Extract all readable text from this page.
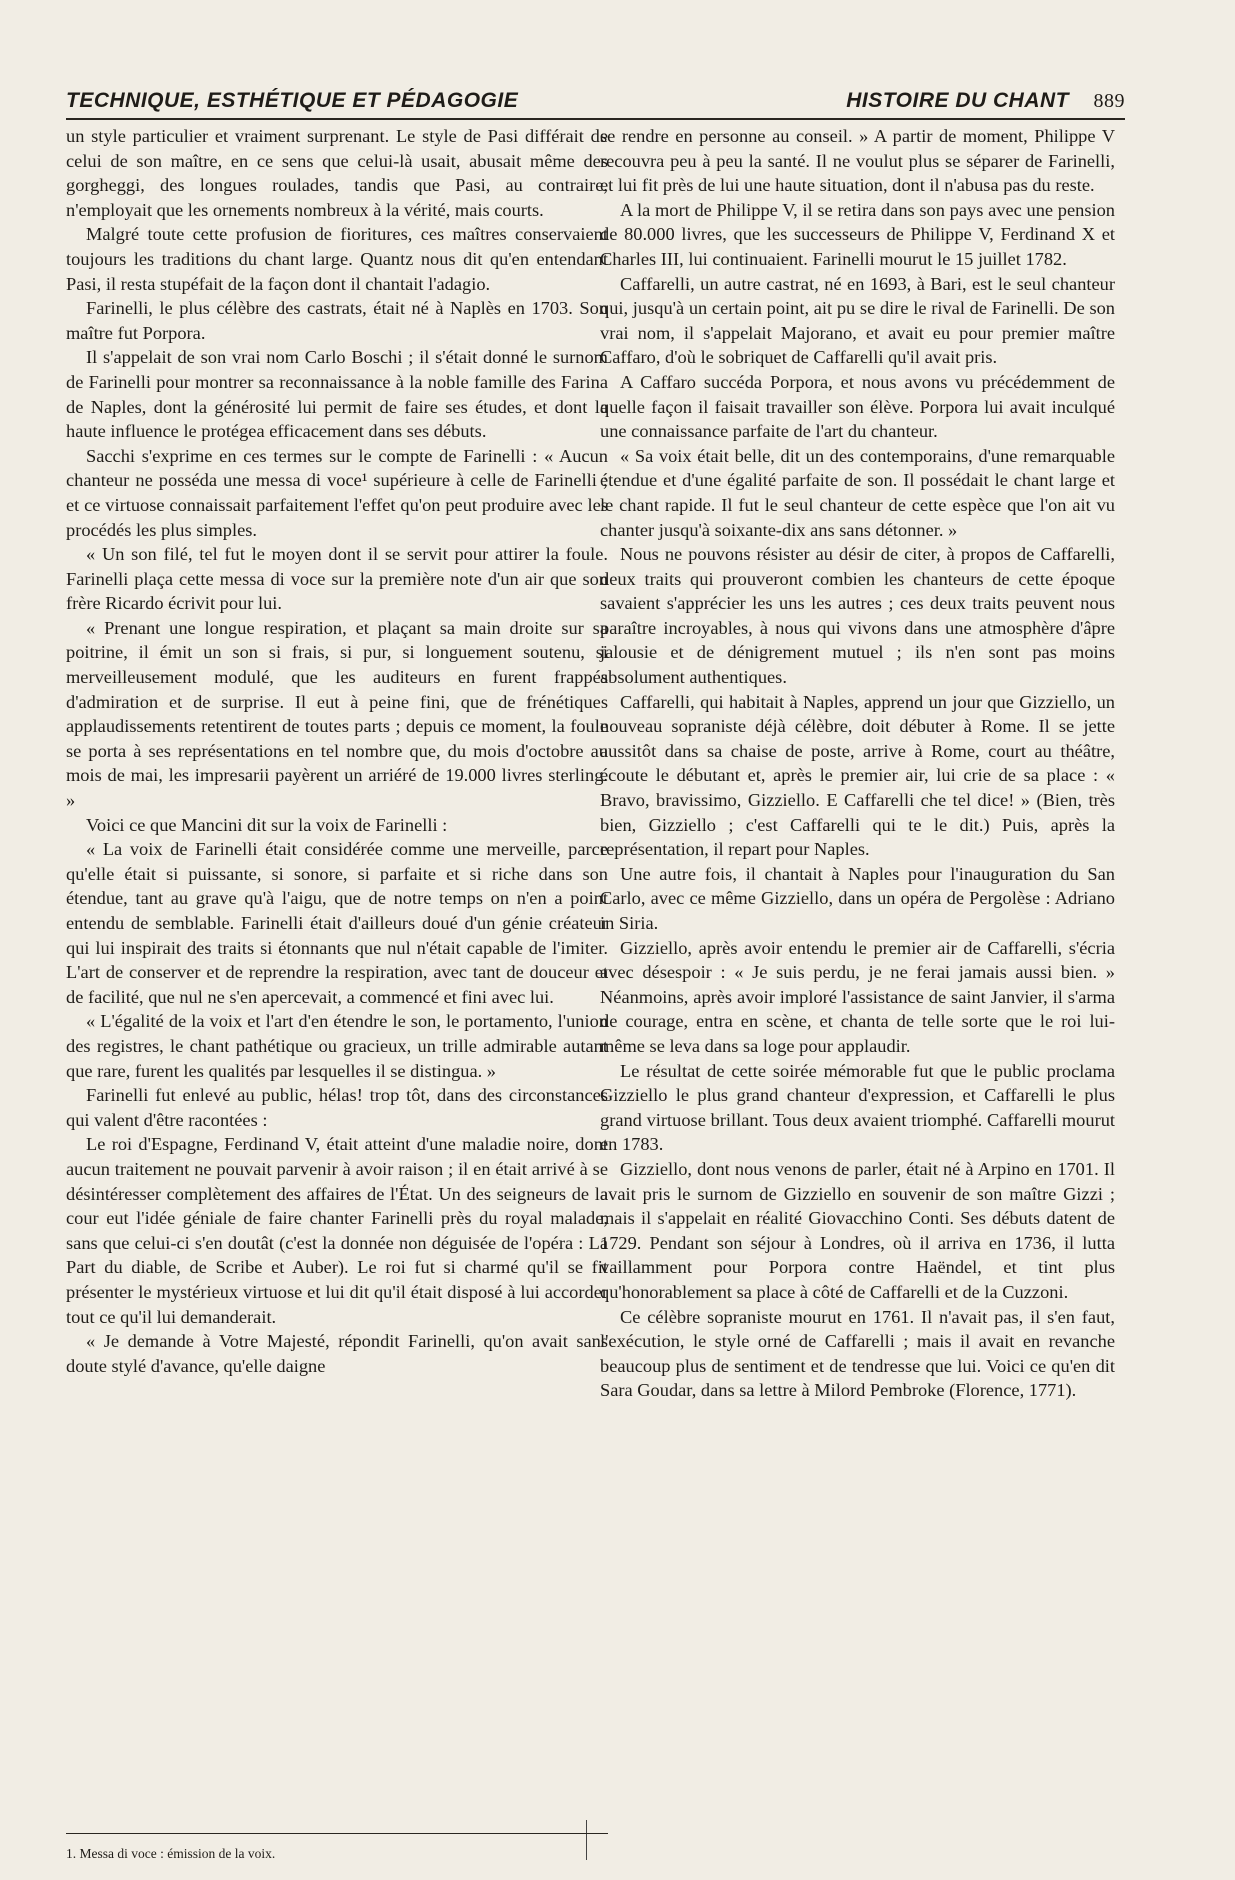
TECHNIQUE, ESTHÉTIQUE ET PÉDAGOGIE	HISTOIRE DU CHANT 889

un style particulier et vraiment surprenant. Le style de Pasi différait de celui de son maître, en ce sens que celui-là usait, abusait même des gorgheggi, des longues roulades, tandis que Pasi, au contraire, n'employait que les ornements nombreux à la vérité, mais courts.

Malgré toute cette profusion de fioritures, ces maîtres conservaient toujours les traditions du chant large. Quantz nous dit qu'en entendant Pasi, il resta stupéfait de la façon dont il chantait l'adagio.

Farinelli, le plus célèbre des castrats, était né à Naplès en 1703. Son maître fut Porpora.

Il s'appelait de son vrai nom Carlo Boschi ; il s'était donné le surnom de Farinelli pour montrer sa reconnaissance à la noble famille des Farina de Naples, dont la générosité lui permit de faire ses études, et dont la haute influence le protégea efficacement dans ses débuts.

Sacchi s'exprime en ces termes sur le compte de Farinelli : « Aucun chanteur ne posséda une messa di voce¹ supérieure à celle de Farinelli ; et ce virtuose connaissait parfaitement l'effet qu'on peut produire avec les procédés les plus simples.

« Un son filé, tel fut le moyen dont il se servit pour attirer la foule. Farinelli plaça cette messa di voce sur la première note d'un air que son frère Ricardo écrivit pour lui.

« Prenant une longue respiration, et plaçant sa main droite sur sa poitrine, il émit un son si frais, si pur, si longuement soutenu, si merveilleusement modulé, que les auditeurs en furent frappés d'admiration et de surprise. Il eut à peine fini, que de frénétiques applaudissements retentirent de toutes parts ; depuis ce moment, la foule se porta à ses représentations en tel nombre que, du mois d'octobre au mois de mai, les impresarii payèrent un arriéré de 19.000 livres sterling. »

Voici ce que Mancini dit sur la voix de Farinelli :

« La voix de Farinelli était considérée comme une merveille, parce qu'elle était si puissante, si sonore, si parfaite et si riche dans son étendue, tant au grave qu'à l'aigu, que de notre temps on n'en a point entendu de semblable. Farinelli était d'ailleurs doué d'un génie créateur qui lui inspirait des traits si étonnants que nul n'était capable de l'imiter. L'art de conserver et de reprendre la respiration, avec tant de douceur et de facilité, que nul ne s'en apercevait, a commencé et fini avec lui.

« L'égalité de la voix et l'art d'en étendre le son, le portamento, l'union des registres, le chant pathétique ou gracieux, un trille admirable autant que rare, furent les qualités par lesquelles il se distingua. »

Farinelli fut enlevé au public, hélas! trop tôt, dans des circonstances qui valent d'être racontées :

Le roi d'Espagne, Ferdinand V, était atteint d'une maladie noire, dont aucun traitement ne pouvait parvenir à avoir raison ; il en était arrivé à se désintéresser complètement des affaires de l'État. Un des seigneurs de la cour eut l'idée géniale de faire chanter Farinelli près du royal malade, sans que celui-ci s'en doutât (c'est la donnée non déguisée de l'opéra : La Part du diable, de Scribe et Auber). Le roi fut si charmé qu'il se fit présenter le mystérieux virtuose et lui dit qu'il était disposé à lui accorder tout ce qu'il lui demanderait.

« Je demande à Votre Majesté, répondit Farinelli, qu'on avait sans doute stylé d'avance, qu'elle daigne

se rendre en personne au conseil. » A partir de moment, Philippe V recouvra peu à peu la santé. Il ne voulut plus se séparer de Farinelli, et lui fit près de lui une haute situation, dont il n'abusa pas du reste.

A la mort de Philippe V, il se retira dans son pays avec une pension de 80.000 livres, que les successeurs de Philippe V, Ferdinand X et Charles III, lui continuaient. Farinelli mourut le 15 juillet 1782.

Caffarelli, un autre castrat, né en 1693, à Bari, est le seul chanteur qui, jusqu'à un certain point, ait pu se dire le rival de Farinelli. De son vrai nom, il s'appelait Majorano, et avait eu pour premier maître Caffaro, d'où le sobriquet de Caffarelli qu'il avait pris.

A Caffaro succéda Porpora, et nous avons vu précédemment de quelle façon il faisait travailler son élève. Porpora lui avait inculqué une connaissance parfaite de l'art du chanteur.

« Sa voix était belle, dit un des contemporains, d'une remarquable étendue et d'une égalité parfaite de son. Il possédait le chant large et le chant rapide. Il fut le seul chanteur de cette espèce que l'on ait vu chanter jusqu'à soixante-dix ans sans détonner. »

Nous ne pouvons résister au désir de citer, à propos de Caffarelli, deux traits qui prouveront combien les chanteurs de cette époque savaient s'apprécier les uns les autres ; ces deux traits peuvent nous paraître incroyables, à nous qui vivons dans une atmosphère d'âpre jalousie et de dénigrement mutuel ; ils n'en sont pas moins absolument authentiques.

Caffarelli, qui habitait à Naples, apprend un jour que Gizziello, un nouveau sopraniste déjà célèbre, doit débuter à Rome. Il se jette aussitôt dans sa chaise de poste, arrive à Rome, court au théâtre, écoute le débutant et, après le premier air, lui crie de sa place : « Bravo, bravissimo, Gizziello. E Caffarelli che tel dice! » (Bien, très bien, Gizziello ; c'est Caffarelli qui te le dit.) Puis, après la représentation, il repart pour Naples.

Une autre fois, il chantait à Naples pour l'inauguration du San Carlo, avec ce même Gizziello, dans un opéra de Pergolèse : Adriano in Siria.

Gizziello, après avoir entendu le premier air de Caffarelli, s'écria avec désespoir : « Je suis perdu, je ne ferai jamais aussi bien. » Néanmoins, après avoir imploré l'assistance de saint Janvier, il s'arma de courage, entra en scène, et chanta de telle sorte que le roi lui-même se leva dans sa loge pour applaudir.

Le résultat de cette soirée mémorable fut que le public proclama Gizziello le plus grand chanteur d'expression, et Caffarelli le plus grand virtuose brillant. Tous deux avaient triomphé. Caffarelli mourut en 1783.

Gizziello, dont nous venons de parler, était né à Arpino en 1701. Il avait pris le surnom de Gizziello en souvenir de son maître Gizzi ; mais il s'appelait en réalité Giovacchino Conti. Ses débuts datent de 1729. Pendant son séjour à Londres, où il arriva en 1736, il lutta vaillamment pour Porpora contre Haëndel, et tint plus qu'honorablement sa place à côté de Caffarelli et de la Cuzzoni.

Ce célèbre sopraniste mourut en 1761. Il n'avait pas, il s'en faut, l'exécution, le style orné de Caffarelli ; mais il avait en revanche beaucoup plus de sentiment et de tendresse que lui. Voici ce qu'en dit Sara Goudar, dans sa lettre à Milord Pembroke (Florence, 1771).

1. Messa di voce : émission de la voix.
